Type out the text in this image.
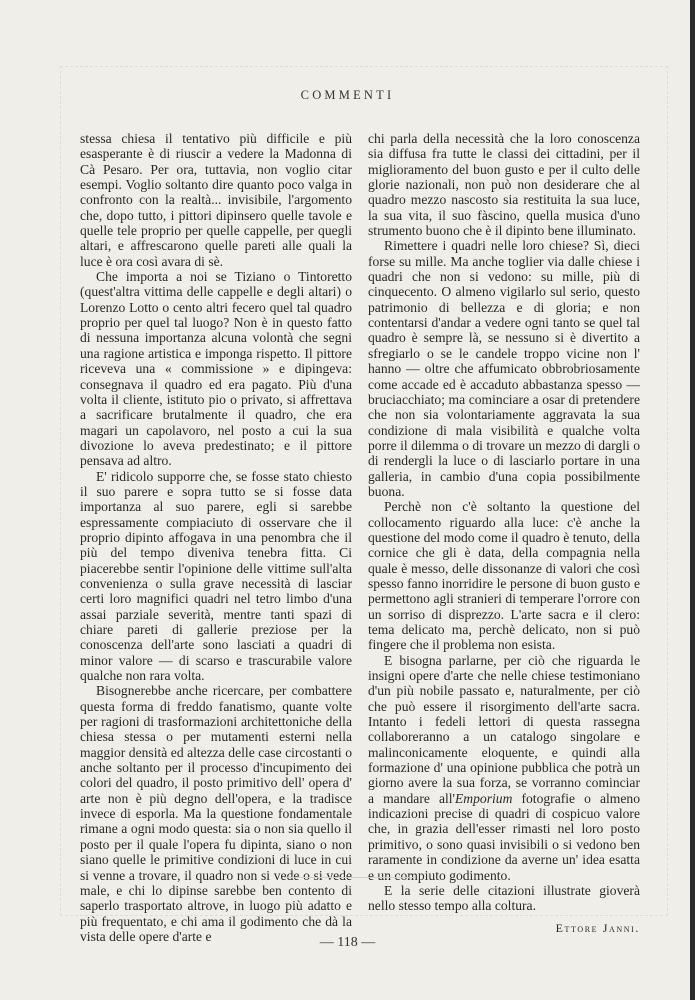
COMMENTI

stessa chiesa il tentativo più difficile e più esasperante è di riuscir a vedere la Madonna di Cà Pesaro. Per ora, tuttavia, non voglio citar esempi. Voglio soltanto dire quanto poco valga in confronto con la realtà... invisibile, l'argomento che, dopo tutto, i pittori dipinsero quelle tavole e quelle tele proprio per quelle cappelle, per quegli altari, e affrescarono quelle pareti alle quali la luce è ora così avara di sè.

Che importa a noi se Tiziano o Tintoretto (quest'altra vittima delle cappelle e degli altari) o Lorenzo Lotto o cento altri fecero quel tal quadro proprio per quel tal luogo? Non è in questo fatto di nessuna importanza alcuna volontà che segni una ragione artistica e imponga rispetto. Il pittore riceveva una « commissione » e dipingeva: consegnava il quadro ed era pagato. Più d'una volta il cliente, istituto pio o privato, si affrettava a sacrificare brutalmente il quadro, che era magari un capolavoro, nel posto a cui la sua divozione lo aveva predestinato; e il pittore pensava ad altro.

E' ridicolo supporre che, se fosse stato chiesto il suo parere e sopra tutto se si fosse data importanza al suo parere, egli si sarebbe espressamente compiaciuto di osservare che il proprio dipinto affogava in una penombra che il più del tempo diveniva tenebra fitta. Ci piacerebbe sentir l'opinione delle vittime sull'alta convenienza o sulla grave necessità di lasciar certi loro magnifici quadri nel tetro limbo d'una assai parziale severità, mentre tanti spazi di chiare pareti di gallerie preziose per la conoscenza dell'arte sono lasciati a quadri di minor valore — di scarso e trascurabile valore qualche non rara volta.

Bisognerebbe anche ricercare, per combattere questa forma di freddo fanatismo, quante volte per ragioni di trasformazioni architettoniche della chiesa stessa o per mutamenti esterni nella maggior densità ed altezza delle case circostanti o anche soltanto per il processo d'incupimento dei colori del quadro, il posto primitivo dell' opera d' arte non è più degno dell'opera, e la tradisce invece di esporla. Ma la questione fondamentale rimane a ogni modo questa: sia o non sia quello il posto per il quale l'opera fu dipinta, siano o non siano quelle le primitive condizioni di luce in cui si venne a trovare, il quadro non si vede o si vede male, e chi lo dipinse sarebbe ben contento di saperlo trasportato altrove, in luogo più adatto e più frequentato, e chi ama il godimento che dà la vista delle opere d'arte e

chi parla della necessità che la loro conoscenza sia diffusa fra tutte le classi dei cittadini, per il miglioramento del buon gusto e per il culto delle glorie nazionali, non può non desiderare che al quadro mezzo nascosto sia restituita la sua luce, la sua vita, il suo fàscino, quella musica d'uno strumento buono che è il dipinto bene illuminato.

Rimettere i quadri nelle loro chiese? Sì, dieci forse su mille. Ma anche toglier via dalle chiese i quadri che non si vedono: su mille, più di cinquecento. O almeno vigilarlo sul serio, questo patrimonio di bellezza e di gloria; e non contentarsi d'andar a vedere ogni tanto se quel tal quadro è sempre là, se nessuno si è divertito a sfregiarlo o se le candele troppo vicine non l' hanno — oltre che affumicato obbrobriosamente come accade ed è accaduto abbastanza spesso — bruciacchiato; ma cominciare a osar di pretendere che non sia volontariamente aggravata la sua condizione di mala visibilità e qualche volta porre il dilemma o di trovare un mezzo di dargli o di rendergli la luce o di lasciarlo portare in una galleria, in cambio d'una copia possibilmente buona.

Perchè non c'è soltanto la questione del collocamento riguardo alla luce: c'è anche la questione del modo come il quadro è tenuto, della cornice che gli è data, della compagnia nella quale è messo, delle dissonanze di valori che così spesso fanno inorridire le persone di buon gusto e permettono agli stranieri di temperare l'orrore con un sorriso di disprezzo. L'arte sacra e il clero: tema delicato ma, perchè delicato, non si può fingere che il problema non esista.

E bisogna parlarne, per ciò che riguarda le insigni opere d'arte che nelle chiese testimoniano d'un più nobile passato e, naturalmente, per ciò che può essere il risorgimento dell'arte sacra. Intanto i fedeli lettori di questa rassegna collaboreranno a un catalogo singolare e malinconicamente eloquente, e quindi alla formazione d' una opinione pubblica che potrà un giorno avere la sua forza, se vorranno cominciar a mandare all'Emporium fotografie o almeno indicazioni precise di quadri di cospicuo valore che, in grazia dell'esser rimasti nel loro posto primitivo, o sono quasi invisibili o si vedono ben raramente in condizione da averne un' idea esatta e un compiuto godimento.

E la serie delle citazioni illustrate gioverà nello stesso tempo alla coltura.

Ettore Janni.
— 118 —
